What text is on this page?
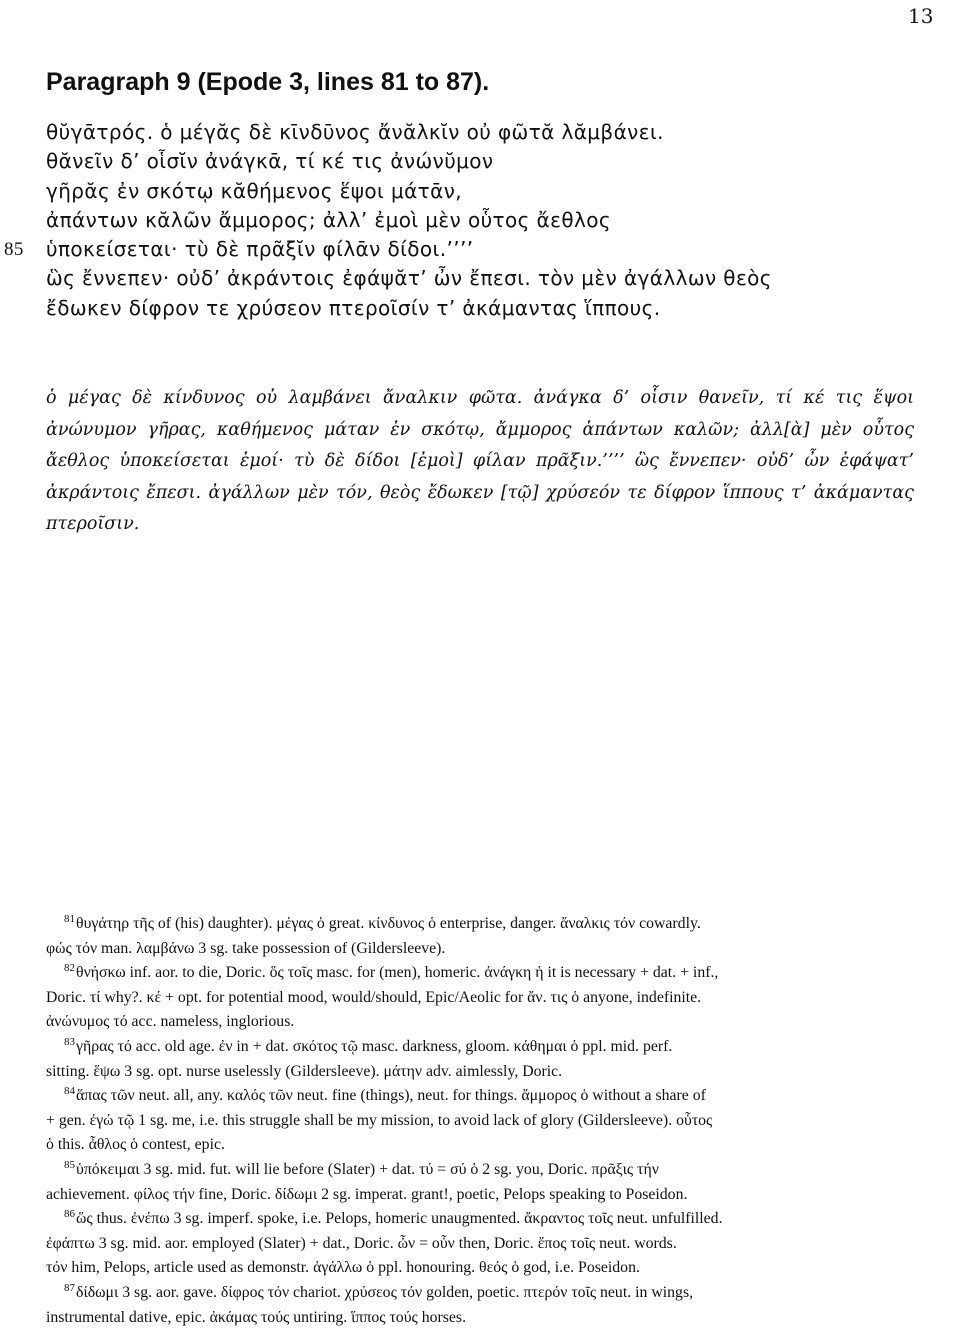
13
Paragraph 9 (Epode 3, lines 81 to 87).
θῠγᾱτρός. ὁ μέγᾰς δὲ κῑνδῡνος ἄνᾰλκῐν οὐ φῶτᾰ λᾰμβάνει.
θᾰνεῖν δ’ οἷσῐν ἀνάγκᾱ, τί κέ τις ἀνώνῠμον
γῆρᾰς ἐν σκότῳ κᾰθήμενος ἕψοι μάτᾱν,
ἀπάντων κᾰλῶν ἄμμορος; ἀλλ’ ἐμοὶ μὲν οὗτος ἄεθλος
85 ὑποκείσεται· τὺ δὲ πρᾶξῐν φίλᾱν δίδοι.’’’’
ὣς ἔννεπεν· οὐδ’ ἀκράντοις ἐφάψᾰτ’ ὦν ἔπεσι. τὸν μὲν ἀγάλλων θεὸς
ἔδωκεν δίφρον τε χρύσεον πτεροῖσίν τ’ ἀκάμαντας ἵππους.

ὁ μέγας δὲ κίνδυνος οὐ λαμβάνει ἄναλκιν φῶτα. ἀνάγκα δ’ οἷσιν θανεῖν, τί κέ τις ἕψοι ἀνώνυμον γῆρας, καθήμενος μάταν ἐν σκότῳ, ἄμμορος ἁπάντων καλῶν; ἀλλ[ὰ] μὲν οὗτος ἄεθλος ὑποκείσεται ἐμοί· τὺ δὲ δίδοι [ἐμοὶ] φίλαν πρᾶξιν.’’’’ ὣς ἔννεπεν· οὐδ’ ὦν ἐφάψατ’ ἀκράντοις ἔπεσι. ἀγάλλων μὲν τόν, θεὸς ἔδωκεν [τῷ] χρύσεόν τε δίφρον ἵππους τ’ ἀκάμαντας πτεροῖσιν.

$^{81}$θυγάτηρ τῆς of (his) daughter). μέγας ὁ great. κίνδυνος ὁ enterprise, danger. ἄναλκις τόν cowardly.
φώς τόν man. λαμβάνω 3 sg. take possession of (Gildersleeve).
$^{82}$θνήσκω inf. aor. to die, Doric. ὅς τοῖς masc. for (men), homeric. ἀνάγκη ἡ it is necessary + dat. + inf.,
Doric. τί why?. κέ + opt. for potential mood, would/should, Epic/Aeolic for ἄν. τις ὁ anyone, indefinite.
ἀνώνυμος τό acc. nameless, inglorious.
$^{83}$γῆρας τό acc. old age. ἐν in + dat. σκότος τῷ masc. darkness, gloom. κάθημαι ὁ ppl. mid. perf.
sitting. ἕψω 3 sg. opt. nurse uselessly (Gildersleeve). μάτην adv. aimlessly, Doric.
$^{84}$ἅπας τῶν neut. all, any. καλός τῶν neut. fine (things), neut. for things. ἄμμορος ὁ without a share of
+ gen. ἐγώ τῷ 1 sg. me, i.e. this struggle shall be my mission, to avoid lack of glory (Gildersleeve). οὗτος
ὁ this. ἆθλος ὁ contest, epic.
$^{85}$ὑπόκειμαι 3 sg. mid. fut. will lie before (Slater) + dat. τύ = σύ ὁ 2 sg. you, Doric. πρᾶξις τήν
achievement. φίλος τήν fine, Doric. δίδωμι 2 sg. imperat. grant!, poetic, Pelops speaking to Poseidon.
$^{86}$ὥς thus. ἐνέπω 3 sg. imperf. spoke, i.e. Pelops, homeric unaugmented. ἄκραντος τοῖς neut. unfulfilled.
ἐφάπτω 3 sg. mid. aor. employed (Slater) + dat., Doric. ὦν = οὖν then, Doric. ἔπος τοῖς neut. words.
τόν him, Pelops, article used as demonstr. ἀγάλλω ὁ ppl. honouring. θεός ὁ god, i.e. Poseidon.
$^{87}$δίδωμι 3 sg. aor. gave. δίφρος τόν chariot. χρύσεος τόν golden, poetic. πτερόν τοῖς neut. in wings,
instrumental dative, epic. ἀκάμας τούς untiring. ἵππος τούς horses.
